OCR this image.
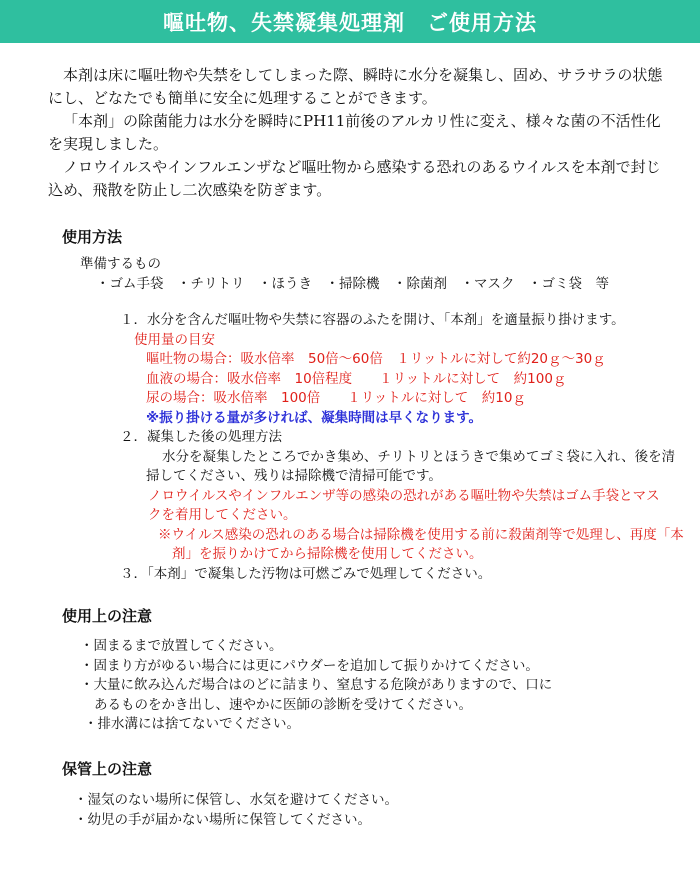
嘔吐物、失禁凝集処理剤　ご使用方法

本剤は床に嘔吐物や失禁をしてしまった際、瞬時に水分を凝集し、固め、サラサラの状態にし、どなたでも簡単に安全に処理することができます。

「本剤」の除菌能力は水分を瞬時にPH11前後のアルカリ性に変え、様々な菌の不活性化を実現しました。

ノロウイルスやインフルエンザなど嘔吐物から感染する恐れのあるウイルスを本剤で封じ込め、飛散を防止し二次感染を防ぎます。

使用方法
準備するもの
・ゴム手袋　・チリトリ　・ほうき　・掃除機　・除菌剤　・マスク　・ゴミ袋　等
１．水分を含んだ嘔吐物や失禁に容器のふたを開け、「本剤」を適量振り掛けます。
使用量の目安
嘔吐物の場合：吸水倍率　50倍〜60倍　１リットルに対して約20ｇ〜30ｇ
血液の場合：吸水倍率　10倍程度　　１リットルに対して　約100ｇ
尿の場合：吸水倍率　100倍　　１リットルに対して　約10ｇ
※振り掛ける量が多ければ、凝集時間は早くなります。
２．凝集した後の処理方法
水分を凝集したところでかき集め、チリトリとほうきで集めてゴミ袋に入れ、後を清
掃してください、残りは掃除機で清掃可能です。
ノロウイルスやインフルエンザ等の感染の恐れがある嘔吐物や失禁はゴム手袋とマス
クを着用してください。
※ウイルス感染の恐れのある場合は掃除機を使用する前に殺菌剤等で処理し、再度「本
剤」を振りかけてから掃除機を使用してください。
３．「本剤」で凝集した汚物は可燃ごみで処理してください。
使用上の注意
・固まるまで放置してください。
・固まり方がゆるい場合には更にパウダーを追加して振りかけてください。
・大量に飲み込んだ場合はのどに詰まり、窒息する危険がありますので、口に
あるものをかき出し、速やかに医師の診断を受けてください。
・排水溝には捨てないでください。
保管上の注意
・湿気のない場所に保管し、水気を避けてください。
・幼児の手が届かない場所に保管してください。
